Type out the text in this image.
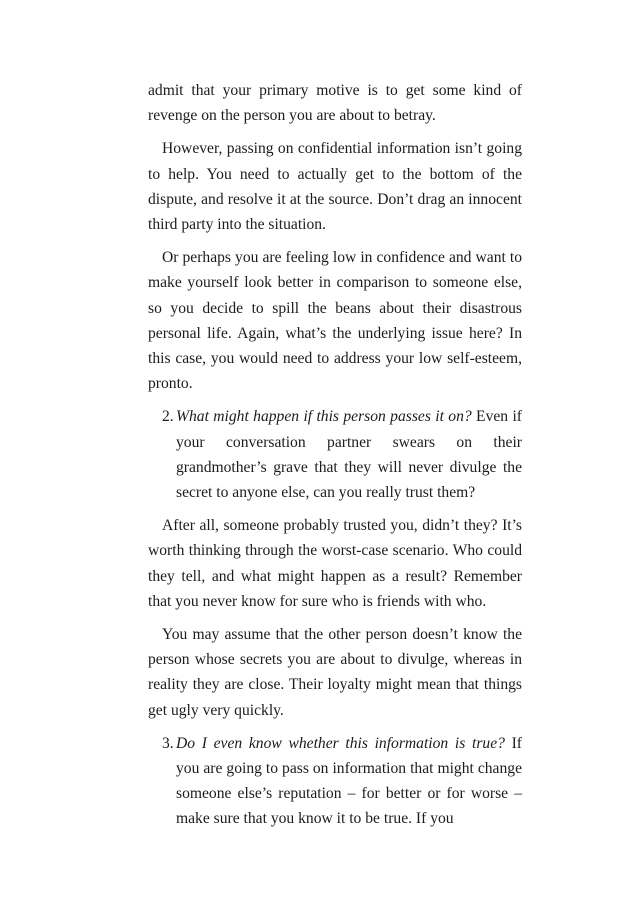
admit that your primary motive is to get some kind of revenge on the person you are about to betray.

However, passing on confidential information isn’t going to help. You need to actually get to the bottom of the dispute, and resolve it at the source. Don’t drag an innocent third party into the situation.

Or perhaps you are feeling low in confidence and want to make yourself look better in comparison to someone else, so you decide to spill the beans about their disastrous personal life. Again, what’s the underlying issue here? In this case, you would need to address your low self-esteem, pronto.

2. What might happen if this person passes it on? Even if your conversation partner swears on their grandmother’s grave that they will never divulge the secret to anyone else, can you really trust them?

After all, someone probably trusted you, didn’t they? It’s worth thinking through the worst-case scenario. Who could they tell, and what might happen as a result? Remember that you never know for sure who is friends with who.

You may assume that the other person doesn’t know the person whose secrets you are about to divulge, whereas in reality they are close. Their loyalty might mean that things get ugly very quickly.

3. Do I even know whether this information is true? If you are going to pass on information that might change someone else’s reputation – for better or for worse – make sure that you know it to be true. If you
